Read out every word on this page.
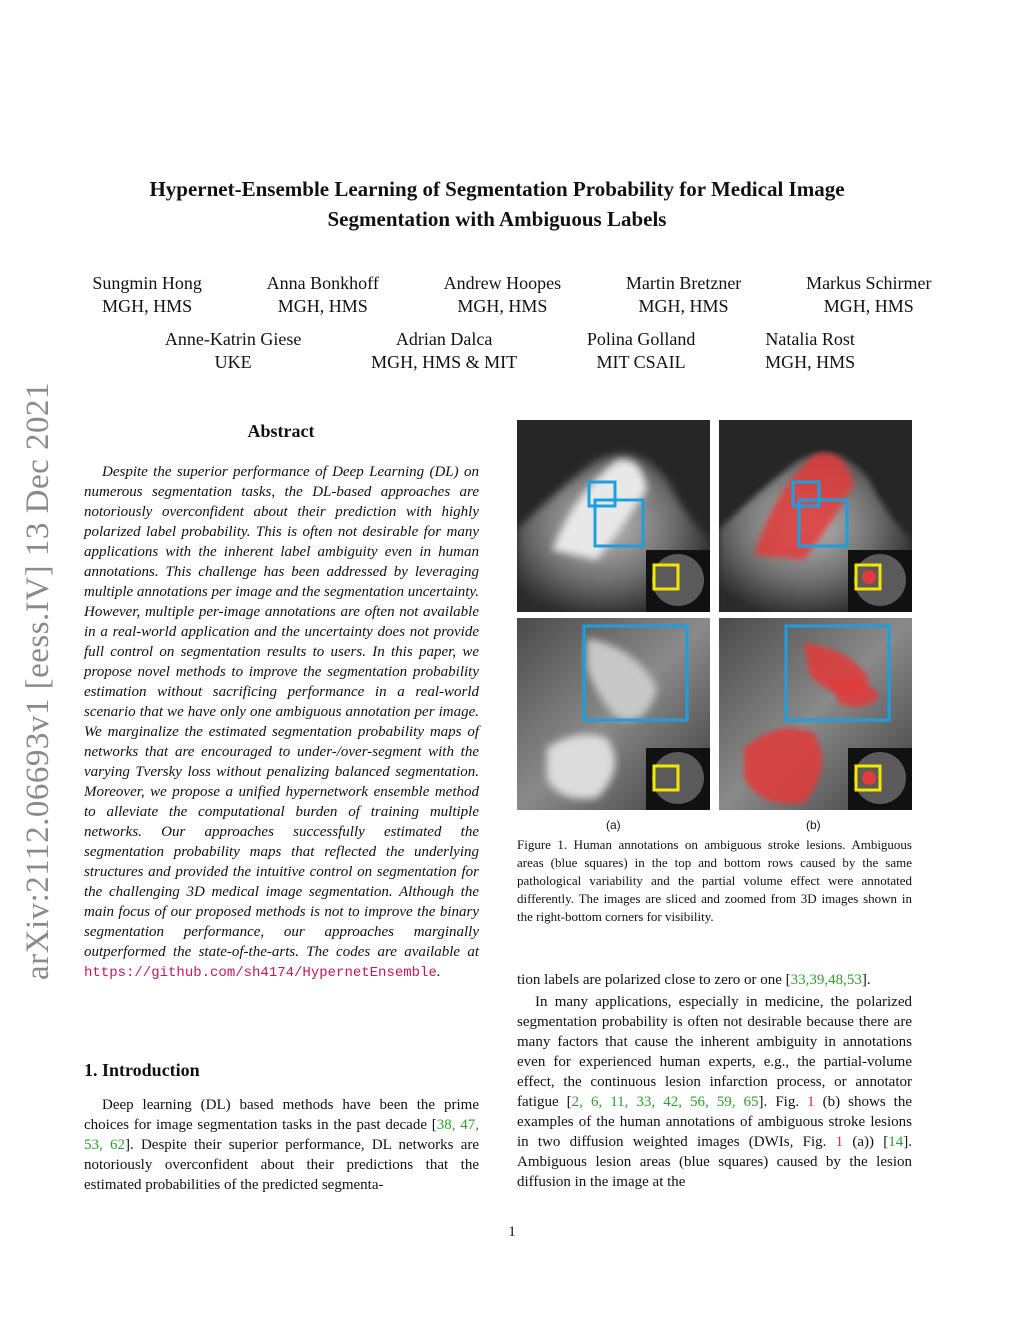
arXiv:2112.06693v1 [eess.IV] 13 Dec 2021
Hypernet-Ensemble Learning of Segmentation Probability for Medical Image
Segmentation with Ambiguous Labels
Sungmin Hong
MGH, HMS
Anna Bonkhoff
MGH, HMS
Andrew Hoopes
MGH, HMS
Martin Bretzner
MGH, HMS
Markus Schirmer
MGH, HMS
Anne-Katrin Giese
UKE
Adrian Dalca
MGH, HMS & MIT
Polina Golland
MIT CSAIL
Natalia Rost
MGH, HMS
Abstract

Despite the superior performance of Deep Learning (DL) on numerous segmentation tasks, the DL-based approaches are notoriously overconfident about their prediction with highly polarized label probability. This is often not desirable for many applications with the inherent label ambiguity even in human annotations. This challenge has been addressed by leveraging multiple annotations per image and the segmentation uncertainty. However, multiple per-image annotations are often not available in a real-world application and the uncertainty does not provide full control on segmentation results to users. In this paper, we propose novel methods to improve the segmentation probability estimation without sacrificing performance in a real-world scenario that we have only one ambiguous annotation per image. We marginalize the estimated segmentation probability maps of networks that are encouraged to under-/over-segment with the varying Tversky loss without penalizing balanced segmentation. Moreover, we propose a unified hypernetwork ensemble method to alleviate the computational burden of training multiple networks. Our approaches successfully estimated the segmentation probability maps that reflected the underlying structures and provided the intuitive control on segmentation for the challenging 3D medical image segmentation. Although the main focus of our proposed methods is not to improve the binary segmentation performance, our approaches marginally outperformed the state-of-the-arts. The codes are available at https://github.com/sh4174/HypernetEnsemble.

1. Introduction

Deep learning (DL) based methods have been the prime choices for image segmentation tasks in the past decade [38, 47, 53, 62]. Despite their superior performance, DL networks are notoriously overconfident about their predictions that the estimated probabilities of the predicted segmenta-

(a)	(b)
Figure 1. Human annotations on ambiguous stroke lesions. Ambiguous areas (blue squares) in the top and bottom rows caused by the same pathological variability and the partial volume effect were annotated differently. The images are sliced and zoomed from 3D images shown in the right-bottom corners for visibility.

tion labels are polarized close to zero or one [33,39,48,53].

In many applications, especially in medicine, the polarized segmentation probability is often not desirable because there are many factors that cause the inherent ambiguity in annotations even for experienced human experts, e.g., the partial-volume effect, the continuous lesion infarction process, or annotator fatigue [2, 6, 11, 33, 42, 56, 59, 65]. Fig. 1 (b) shows the examples of the human annotations of ambiguous stroke lesions in two diffusion weighted images (DWIs, Fig. 1 (a)) [14]. Ambiguous lesion areas (blue squares) caused by the lesion diffusion in the image at the

1
